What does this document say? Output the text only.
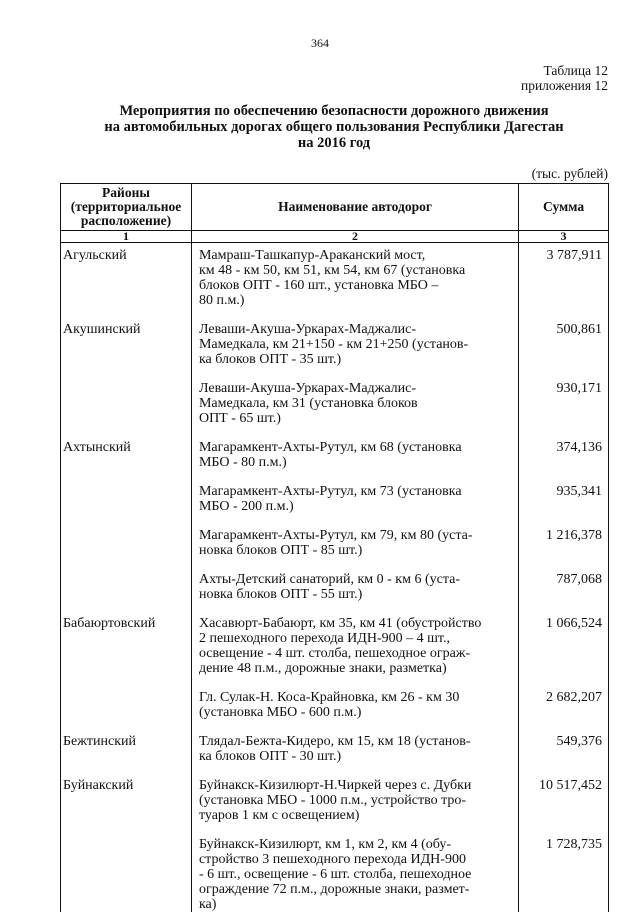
364
Таблица 12
приложения 12
Мероприятия по обеспечению безопасности дорожного движения
на автомобильных дорогах общего пользования Республики Дагестан
на 2016 год
(тыс. рублей)
Районы
(территориальное
расположение)	Наименование автодорог	Сумма
1	2	3
Агульский	Мамраш-Ташкапур-Араканский мост,
км 48 - км 50, км 51, км 54, км 67 (установка
блоков ОПТ - 160 шт., установка МБО –
80 п.м.)	3 787,911
Акушинский	Леваши-Акуша-Уркарах-Маджалис-
Мамедкала, км 21+150 - км 21+250 (установ-
ка блоков ОПТ - 35 шт.)	500,861

	Леваши-Акуша-Уркарах-Маджалис-
Мамедкала, км 31 (установка блоков
ОПТ - 65 шт.)	930,171
Ахтынский	Магарамкент-Ахты-Рутул, км 68 (установка
МБО - 80 п.м.)	374,136

	Магарамкент-Ахты-Рутул, км 73 (установка
МБО - 200 п.м.)	935,341

	Магарамкент-Ахты-Рутул, км 79, км 80 (уста-
новка блоков ОПТ - 85 шт.)	1 216,378

	Ахты-Детский санаторий, км 0 - км 6 (уста-
новка блоков ОПТ - 55 шт.)	787,068
Бабаюртовский	Хасавюрт-Бабаюрт, км 35, км 41 (обустройство
2 пешеходного перехода ИДН-900 – 4 шт.,
освещение - 4 шт. столба, пешеходное ограж-
дение 48 п.м., дорожные знаки, разметка)	1 066,524

	Гл. Сулак-Н. Коса-Крайновка, км 26 - км 30
(установка МБО - 600 п.м.)	2 682,207
Бежтинский	Тлядал-Бежта-Кидеро, км 15, км 18 (установ-
ка блоков ОПТ - 30 шт.)	549,376
Буйнакский	Буйнакск-Кизилюрт-Н.Чиркей через с. Дубки
(установка МБО - 1000 п.м., устройство тро-
туаров 1 км с освещением)	10 517,452

	Буйнакск-Кизилюрт, км 1, км 2, км 4 (обу-
стройство 3 пешеходного перехода ИДН-900
- 6 шт., освещение - 6 шт. столба, пешеходное
ограждение 72 п.м., дорожные знаки, размет-
ка)	1 728,735
